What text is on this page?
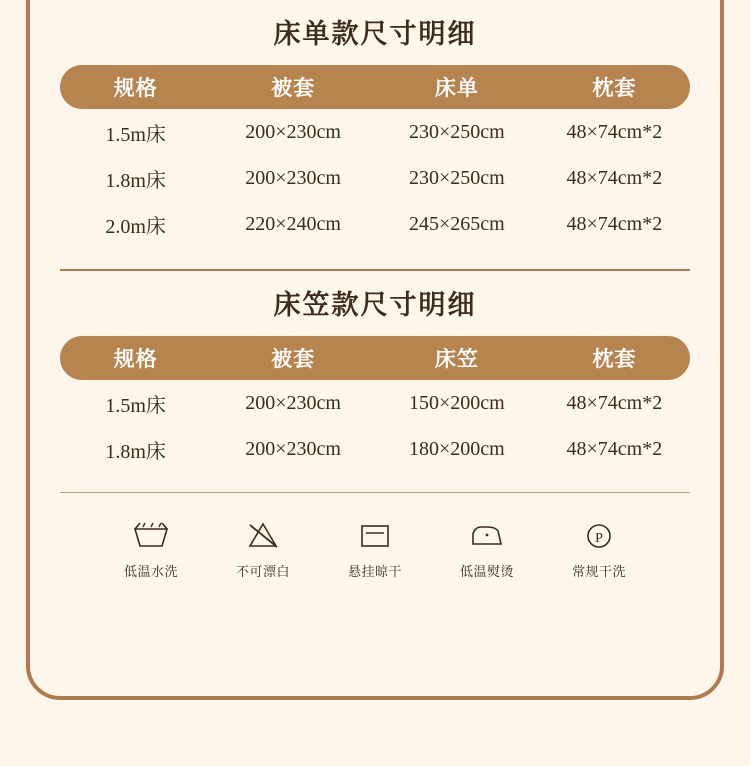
床单款尺寸明细
规格	被套	床单	枕套
1.5m床	200×230cm	230×250cm	48×74cm*2
1.8m床	200×230cm	230×250cm	48×74cm*2
2.0m床	220×240cm	245×265cm	48×74cm*2
床笠款尺寸明细
规格	被套	床笠	枕套
1.5m床	200×230cm	150×200cm	48×74cm*2
1.8m床	200×230cm	180×200cm	48×74cm*2
低温水洗	不可漂白	悬挂晾干	低温熨烫
P
常规干洗
